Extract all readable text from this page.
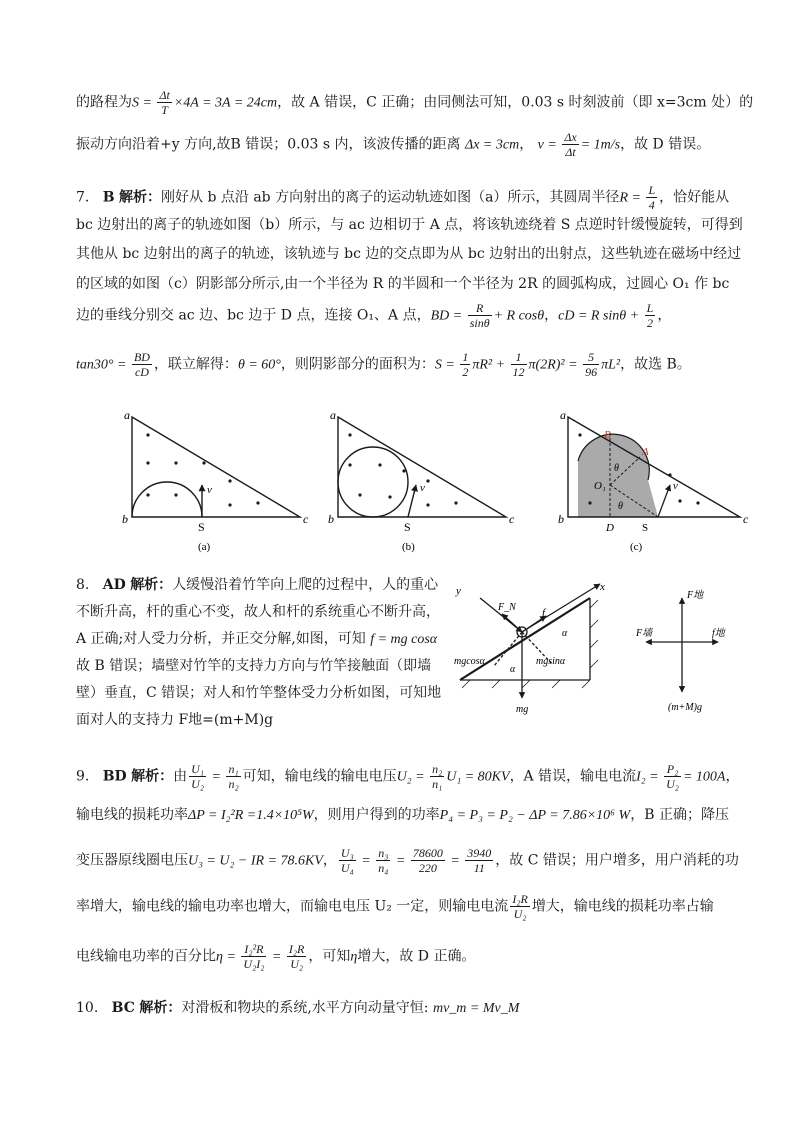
的路程为$S = \frac{\Delta t}{T} \times 4A = 3A = 24cm$，故 A 错误，C 正确；由同侧法可知，0.03 s 时刻波前（即 x=3cm 处）的
振动方向沿着+y 方向,故B 错误；0.03 s 内，该波传播的距离 Δx = 3cm， $v = \frac{\Delta x}{\Delta t} = 1m/s$，故 D 错误。
7. B 解析：刚好从 b 点沿 ab 方向射出的离子的运动轨迹如图（a）所示，其圆周半径$R = \frac{L}{4}$ ，恰好能从
bc 边射出的离子的轨迹如图（b）所示，与 ac 边相切于 A 点，将该轨迹绕着 S 点逆时针缓慢旋转，可得到
其他从 bc 边射出的离子的轨迹，该轨迹与 bc 边的交点即为从 bc 边射出的出射点，这些轨迹在磁场中经过
的区域的如图（c）阴影部分所示,由一个半径为 R 的半圆和一个半径为 2R 的圆弧构成，过圆心 O₁ 作 bc
边的垂线分别交 ac 边、bc 边于 D 点，连接 O₁、A 点，BD = $\frac{R}{\sin\theta} + R$ cosθ，cD = R $\sin\theta + \frac{L}{2}$ ，
$\tan 30^\circ = \frac{BD}{cD}$ ，联立解得：θ = 60°，则阴影部分的面积为：$S = \frac{1}{2} \pi R^2 + \frac{1}{12} \pi(2R)^2 = \frac{5}{96} \pi L^2$，故选 B。
a
b	c
S
v
(a)
a
b	c
S
v
(b)
a
b	c
B
A
O₁
D	S
v
θ
θ
(c)
8. AD 解析：人缓慢沿着竹竿向上爬的过程中，人的重心
不断升高，杆的重心不变，故人和杆的系统重心不断升高，
A 正确;对人受力分析，并正交分解,如图，可知 f = mg cosα
故 B 错误；墙壁对竹竿的支持力方向与竹竿接触面（即墙
壁）垂直，C 错误；对人和竹竿整体受力分析如图，可知地
面对人的支持力 F地=(m+M)g
y	x
F_N f
α
α
mgcosα	mgsinα
mg
F地
F墙	f地
(m+M)g
9. BD 解析：由 $\frac{\text{U₁}}{\text{U₂}} = \frac{\text{n₁}}{\text{n₂}}$ 可知，输电线的输电电压$U_2 = \frac{\text{n₂}}{\text{n₁}} U_1 = 80KV$，A 错误，输电电流$I_2 = \frac{\text{P₂}}{\text{U₂}} = 100A$，
输电线的损耗功率ΔP = I₂²R =1.4×10⁵W，则用户得到的功率P₄ = P₃ = P₂ − ΔP = 7.86×10⁶ W，B 正确；降压
变压器原线圈电压U₃ = U₂ − IR = 78.6KV， $\frac{\text{U₃}}{\text{U₄}} = \frac{\text{n₃}}{\text{n₄}} = \frac{78600}{220} = \frac{3940}{11}$ ，故 C 错误；用户增多，用户消耗的功
率增大，输电线的输电功率也增大，而输电电压 U₂ 一定，则输电电流 $\frac{\text{I₂R}}{\text{U₂}}$ 增大，输电线的损耗功率占输
电线输电功率的百分比$\eta = \frac{\text{I₂²R}}{\text{U₂I₂}} = \frac{\text{I₂R}}{\text{U₂}}$ ，可知η增大，故 D 正确。
10. BC 解析：对滑板和物块的系统,水平方向动量守恒: mv_m = Mv_M
